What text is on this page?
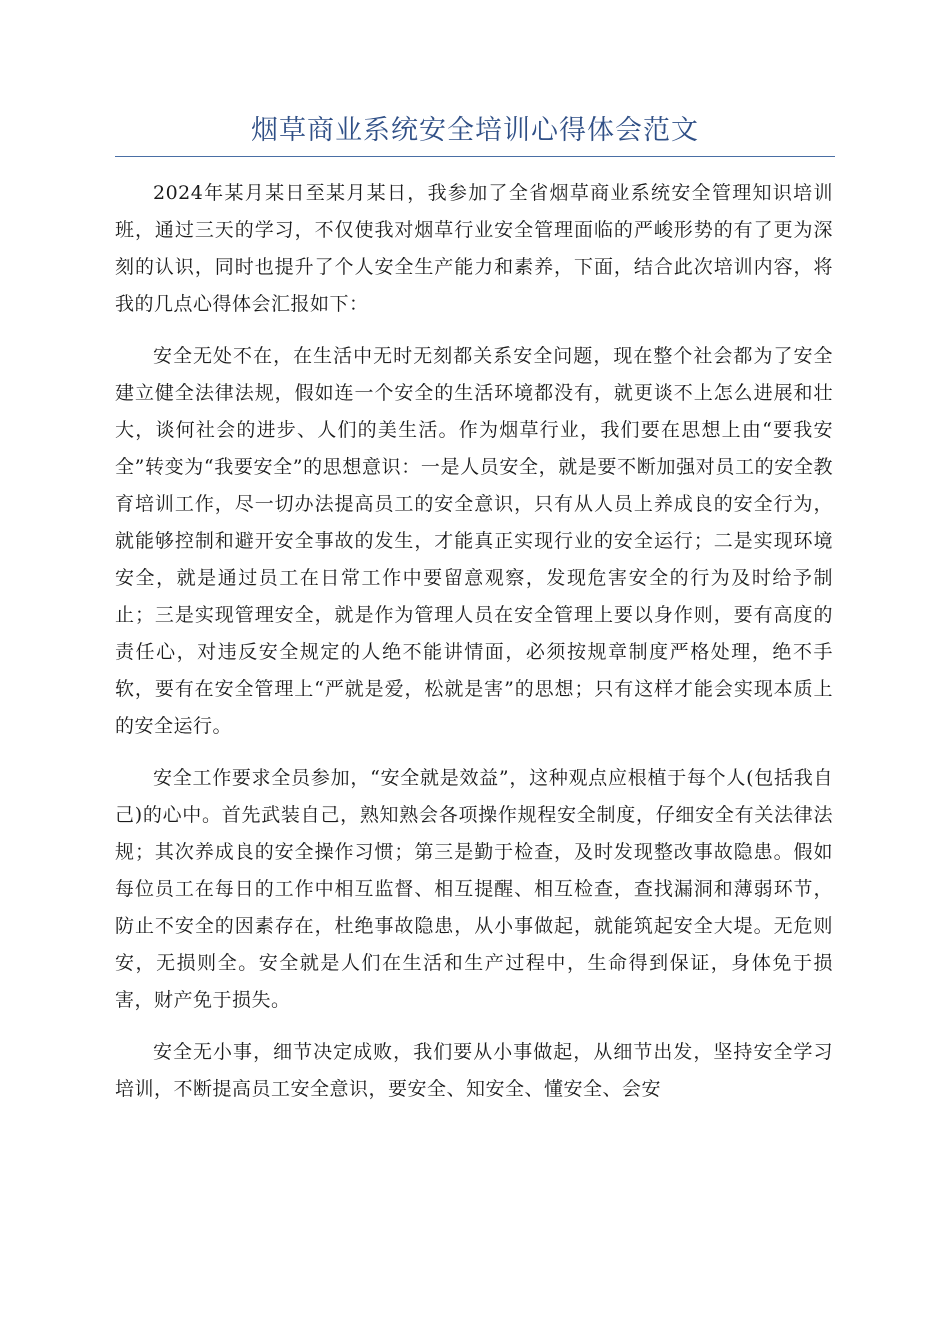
烟草商业系统安全培训心得体会范文

2024年某月某日至某月某日，我参加了全省烟草商业系统安全管理知识培训班，通过三天的学习，不仅使我对烟草行业安全管理面临的严峻形势的有了更为深刻的认识，同时也提升了个人安全生产能力和素养，下面，结合此次培训内容，将我的几点心得体会汇报如下：

安全无处不在，在生活中无时无刻都关系安全问题，现在整个社会都为了安全建立健全法律法规，假如连一个安全的生活环境都没有，就更谈不上怎么进展和壮大，谈何社会的进步、人们的美生活。作为烟草行业，我们要在思想上由“要我安全”转变为“我要安全”的思想意识：一是人员安全，就是要不断加强对员工的安全教育培训工作，尽一切办法提高员工的安全意识，只有从人员上养成良的安全行为，就能够控制和避开安全事故的发生，才能真正实现行业的安全运行；二是实现环境安全，就是通过员工在日常工作中要留意观察，发现危害安全的行为及时给予制止；三是实现管理安全，就是作为管理人员在安全管理上要以身作则，要有高度的责任心，对违反安全规定的人绝不能讲情面，必须按规章制度严格处理，绝不手软，要有在安全管理上“严就是爱，松就是害”的思想；只有这样才能会实现本质上的安全运行。

安全工作要求全员参加，“安全就是效益”，这种观点应根植于每个人(包括我自己)的心中。首先武装自己，熟知熟会各项操作规程安全制度，仔细安全有关法律法规；其次养成良的安全操作习惯；第三是勤于检查，及时发现整改事故隐患。假如每位员工在每日的工作中相互监督、相互提醒、相互检查，查找漏洞和薄弱环节，防止不安全的因素存在，杜绝事故隐患，从小事做起，就能筑起安全大堤。无危则安，无损则全。安全就是人们在生活和生产过程中，生命得到保证，身体免于损害，财产免于损失。

安全无小事，细节决定成败，我们要从小事做起，从细节出发，坚持安全学习培训，不断提高员工安全意识，要安全、知安全、懂安全、会安
